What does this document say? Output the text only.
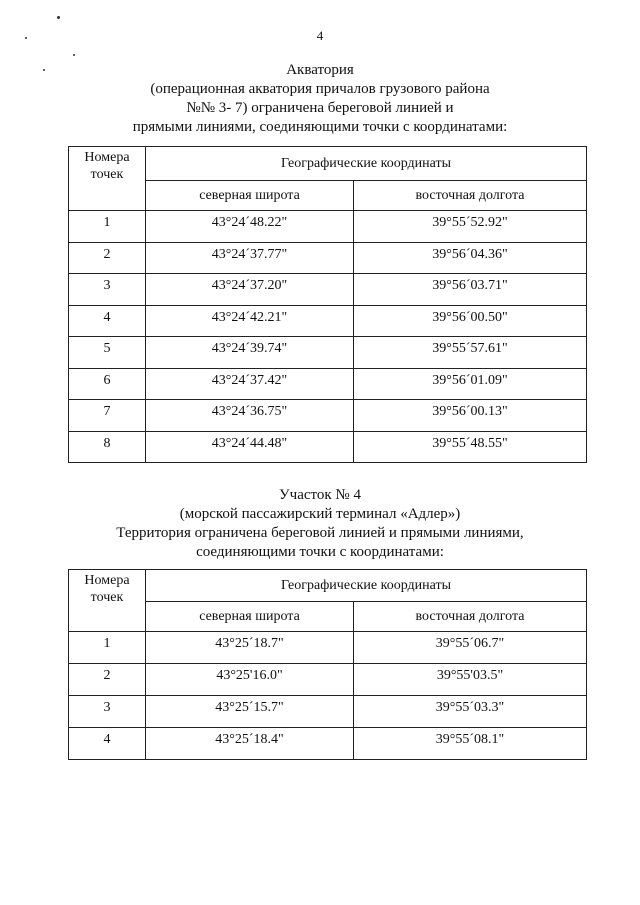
4
Акватория
(операционная акватория причалов грузового района
№№ 3- 7) ограничена береговой линией и
прямыми линиями, соединяющими точки с координатами:
Номера точек	Географические координаты	
	северная широта	восточная долгота
1	43°24´48.22"	39°55´52.92"
2	43°24´37.77"	39°56´04.36"
3	43°24´37.20"	39°56´03.71"
4	43°24´42.21"	39°56´00.50"
5	43°24´39.74"	39°55´57.61"
6	43°24´37.42"	39°56´01.09"
7	43°24´36.75"	39°56´00.13"
8	43°24´44.48"	39°55´48.55"
Участок № 4
(морской пассажирский терминал «Адлер»)
Территория ограничена береговой линией и прямыми линиями,
соединяющими точки с координатами:
Номера точек	Географические координаты	
	северная широта	восточная долгота
1	43°25´18.7"	39°55´06.7"
2	43°25'16.0"	39°55'03.5"
3	43°25´15.7"	39°55´03.3"
4	43°25´18.4"	39°55´08.1"
